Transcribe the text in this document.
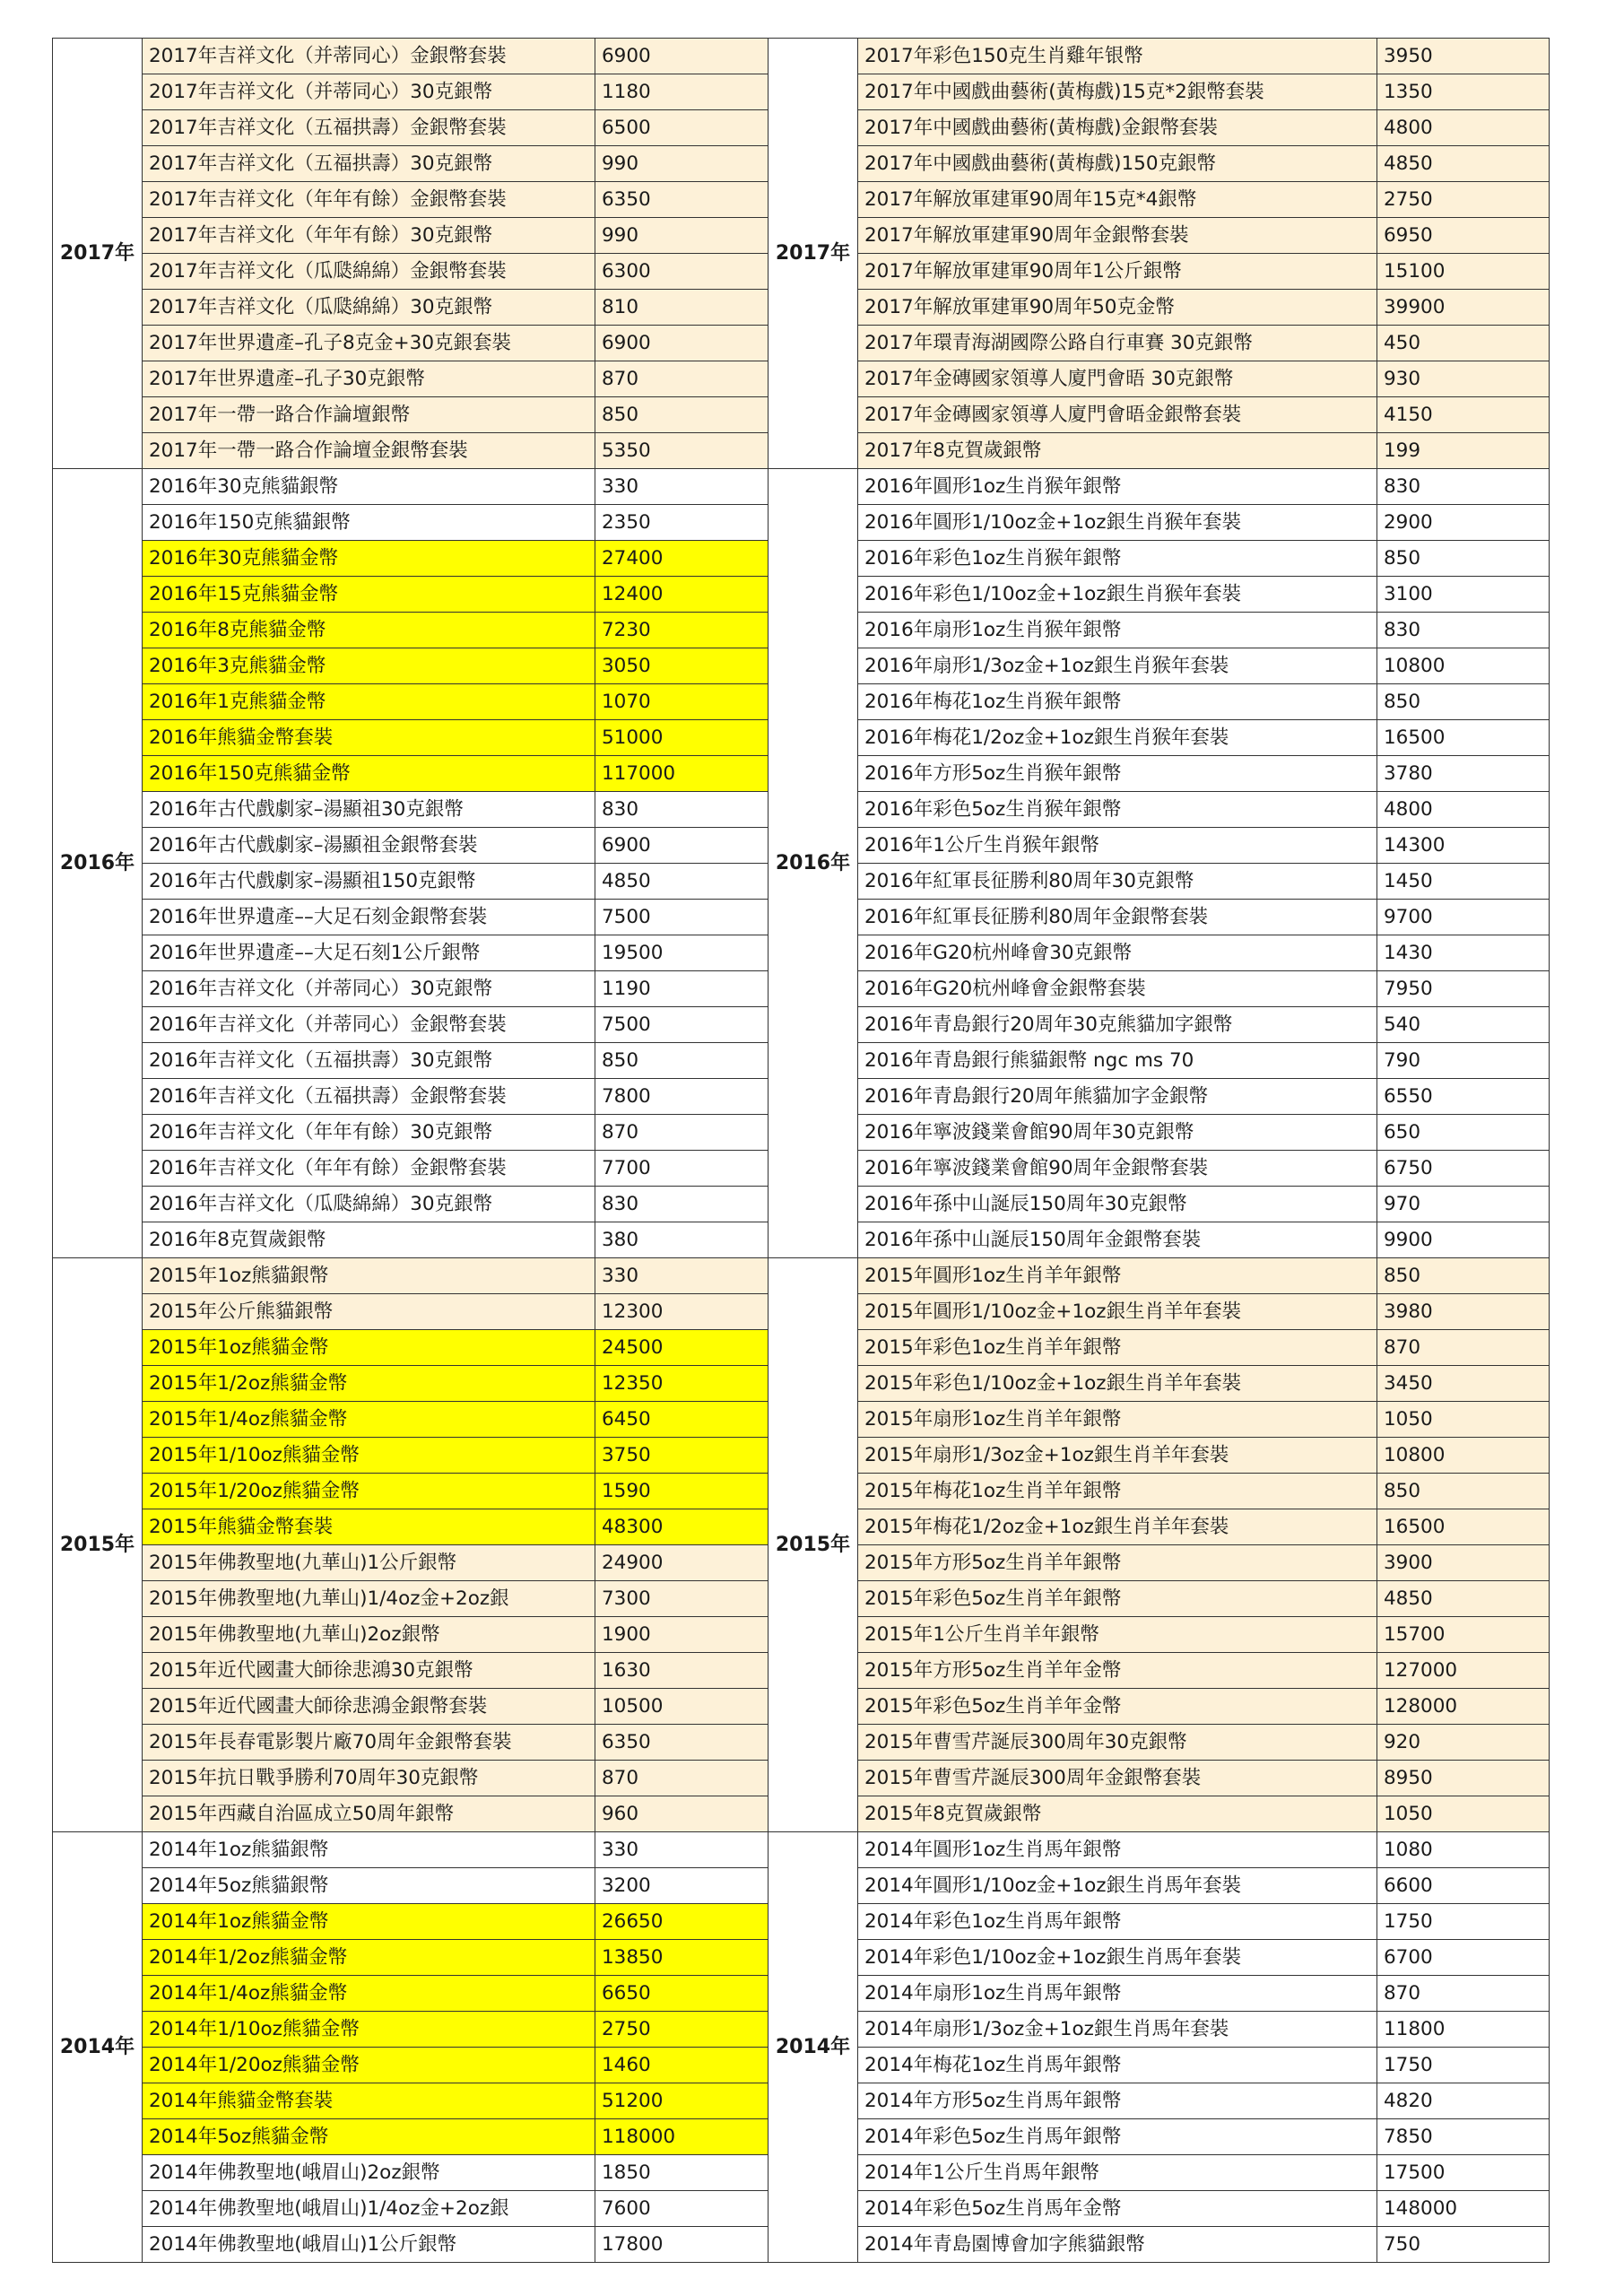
2017年	2017年吉祥文化（并蒂同心）金銀幣套裝	6900
	2017年吉祥文化（并蒂同心）30克銀幣	1180
	2017年吉祥文化（五福拱壽）金銀幣套裝	6500
	2017年吉祥文化（五福拱壽）30克銀幣	990
	2017年吉祥文化（年年有餘）金銀幣套裝	6350
	2017年吉祥文化（年年有餘）30克銀幣	990
	2017年吉祥文化（瓜瓞綿綿）金銀幣套裝	6300
	2017年吉祥文化（瓜瓞綿綿）30克銀幣	810
	2017年世界遺產–孔子8克金+30克銀套裝	6900
	2017年世界遺產–孔子30克銀幣	870
	2017年一帶一路合作論壇銀幣	850
	2017年一帶一路合作論壇金銀幣套裝	5350
2016年	2016年30克熊貓銀幣	330
	2016年150克熊貓銀幣	2350
	2016年30克熊貓金幣	27400
	2016年15克熊貓金幣	12400
	2016年8克熊貓金幣	7230
	2016年3克熊貓金幣	3050
	2016年1克熊貓金幣	1070
	2016年熊貓金幣套裝	51000
	2016年150克熊貓金幣	117000
	2016年古代戲劇家–湯顯祖30克銀幣	830
	2016年古代戲劇家–湯顯祖金銀幣套裝	6900
	2016年古代戲劇家–湯顯祖150克銀幣	4850
	2016年世界遺產––大足石刻金銀幣套裝	7500
	2016年世界遺產––大足石刻1公斤銀幣	19500
	2016年吉祥文化（并蒂同心）30克銀幣	1190
	2016年吉祥文化（并蒂同心）金銀幣套裝	7500
	2016年吉祥文化（五福拱壽）30克銀幣	850
	2016年吉祥文化（五福拱壽）金銀幣套裝	7800
	2016年吉祥文化（年年有餘）30克銀幣	870
	2016年吉祥文化（年年有餘）金銀幣套裝	7700
	2016年吉祥文化（瓜瓞綿綿）30克銀幣	830
	2016年8克賀歲銀幣	380
2015年	2015年1oz熊貓銀幣	330
	2015年公斤熊貓銀幣	12300
	2015年1oz熊貓金幣	24500
	2015年1/2oz熊貓金幣	12350
	2015年1/4oz熊貓金幣	6450
	2015年1/10oz熊貓金幣	3750
	2015年1/20oz熊貓金幣	1590
	2015年熊貓金幣套裝	48300
	2015年佛教聖地(九華山)1公斤銀幣	24900
	2015年佛教聖地(九華山)1/4oz金+2oz銀	7300
	2015年佛教聖地(九華山)2oz銀幣	1900
	2015年近代國畫大師徐悲鴻30克銀幣	1630
	2015年近代國畫大師徐悲鴻金銀幣套裝	10500
	2015年長春電影製片廠70周年金銀幣套裝	6350
	2015年抗日戰爭勝利70周年30克銀幣	870
	2015年西藏自治區成立50周年銀幣	960
2014年	2014年1oz熊貓銀幣	330
	2014年5oz熊貓銀幣	3200
	2014年1oz熊貓金幣	26650
	2014年1/2oz熊貓金幣	13850
	2014年1/4oz熊貓金幣	6650
	2014年1/10oz熊貓金幣	2750
	2014年1/20oz熊貓金幣	1460
	2014年熊貓金幣套裝	51200
	2014年5oz熊貓金幣	118000
	2014年佛教聖地(峨眉山)2oz銀幣	1850
	2014年佛教聖地(峨眉山)1/4oz金+2oz銀	7600
	2014年佛教聖地(峨眉山)1公斤銀幣	17800
2017年	2017年彩色150克生肖雞年银幣	3950
	2017年中國戲曲藝術(黃梅戲)15克*2銀幣套裝	1350
	2017年中國戲曲藝術(黃梅戲)金銀幣套裝	4800
	2017年中國戲曲藝術(黃梅戲)150克銀幣	4850
	2017年解放軍建軍90周年15克*4銀幣	2750
	2017年解放軍建軍90周年金銀幣套裝	6950
	2017年解放軍建軍90周年1公斤銀幣	15100
	2017年解放軍建軍90周年50克金幣	39900
	2017年環青海湖國際公路自行車賽 30克銀幣	450
	2017年金磚國家領導人廈門會晤 30克銀幣	930
	2017年金磚國家領導人廈門會晤金銀幣套裝	4150
	2017年8克賀歲銀幣	199
2016年	2016年圓形1oz生肖猴年銀幣	830
	2016年圓形1/10oz金+1oz銀生肖猴年套裝	2900
	2016年彩色1oz生肖猴年銀幣	850
	2016年彩色1/10oz金+1oz銀生肖猴年套裝	3100
	2016年扇形1oz生肖猴年銀幣	830
	2016年扇形1/3oz金+1oz銀生肖猴年套裝	10800
	2016年梅花1oz生肖猴年銀幣	850
	2016年梅花1/2oz金+1oz銀生肖猴年套裝	16500
	2016年方形5oz生肖猴年銀幣	3780
	2016年彩色5oz生肖猴年銀幣	4800
	2016年1公斤生肖猴年銀幣	14300
	2016年紅軍長征勝利80周年30克銀幣	1450
	2016年紅軍長征勝利80周年金銀幣套裝	9700
	2016年G20杭州峰會30克銀幣	1430
	2016年G20杭州峰會金銀幣套裝	7950
	2016年青島銀行20周年30克熊貓加字銀幣	540
	2016年青島銀行熊貓銀幣 ngc ms 70	790
	2016年青島銀行20周年熊貓加字金銀幣	6550
	2016年寧波錢業會館90周年30克銀幣	650
	2016年寧波錢業會館90周年金銀幣套裝	6750
	2016年孫中山誕辰150周年30克銀幣	970
	2016年孫中山誕辰150周年金銀幣套裝	9900
2015年	2015年圓形1oz生肖羊年銀幣	850
	2015年圓形1/10oz金+1oz銀生肖羊年套裝	3980
	2015年彩色1oz生肖羊年銀幣	870
	2015年彩色1/10oz金+1oz銀生肖羊年套裝	3450
	2015年扇形1oz生肖羊年銀幣	1050
	2015年扇形1/3oz金+1oz銀生肖羊年套裝	10800
	2015年梅花1oz生肖羊年銀幣	850
	2015年梅花1/2oz金+1oz銀生肖羊年套裝	16500
	2015年方形5oz生肖羊年銀幣	3900
	2015年彩色5oz生肖羊年銀幣	4850
	2015年1公斤生肖羊年銀幣	15700
	2015年方形5oz生肖羊年金幣	127000
	2015年彩色5oz生肖羊年金幣	128000
	2015年曹雪芹誕辰300周年30克銀幣	920
	2015年曹雪芹誕辰300周年金銀幣套裝	8950
	2015年8克賀歲銀幣	1050
2014年	2014年圓形1oz生肖馬年銀幣	1080
	2014年圓形1/10oz金+1oz銀生肖馬年套裝	6600
	2014年彩色1oz生肖馬年銀幣	1750
	2014年彩色1/10oz金+1oz銀生肖馬年套裝	6700
	2014年扇形1oz生肖馬年銀幣	870
	2014年扇形1/3oz金+1oz銀生肖馬年套裝	11800
	2014年梅花1oz生肖馬年銀幣	1750
	2014年方形5oz生肖馬年銀幣	4820
	2014年彩色5oz生肖馬年銀幣	7850
	2014年1公斤生肖馬年銀幣	17500
	2014年彩色5oz生肖馬年金幣	148000
	2014年青島園博會加字熊貓銀幣	750
